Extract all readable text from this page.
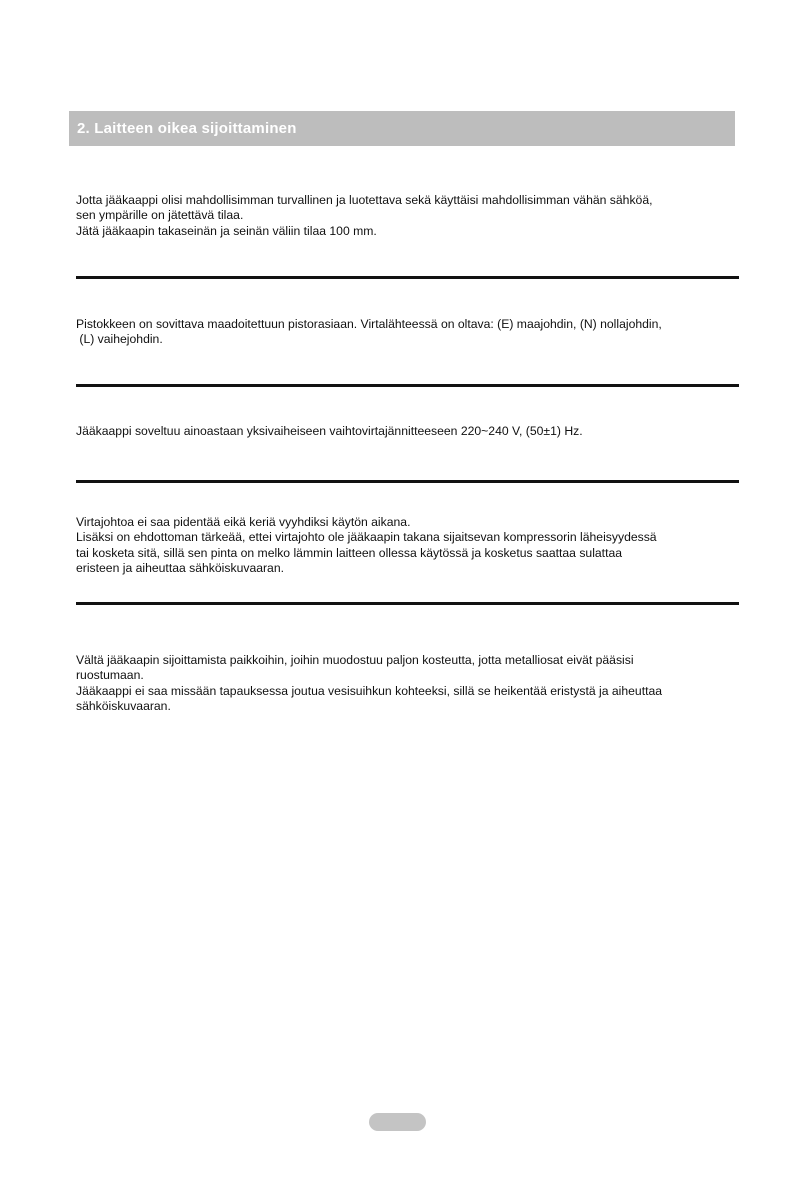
2. Laitteen oikea sijoittaminen
Jotta jääkaappi olisi mahdollisimman turvallinen ja luotettava sekä käyttäisi mahdollisimman vähän sähköä,
sen ympärille on jätettävä tilaa.
Jätä jääkaapin takaseinän ja seinän väliin tilaa 100 mm.
Pistokkeen on sovittava maadoitettuun pistorasiaan. Virtalähteessä on oltava: (E) maajohdin, (N) nollajohdin,
(L) vaihejohdin.
Jääkaappi soveltuu ainoastaan yksivaiheiseen vaihtovirtajännitteeseen 220~240 V, (50±1) Hz.
Virtajohtoa ei saa pidentää eikä keriä vyyhdiksi käytön aikana.
Lisäksi on ehdottoman tärkeää, ettei virtajohto ole jääkaapin takana sijaitsevan kompressorin läheisyydessä
tai kosketa sitä, sillä sen pinta on melko lämmin laitteen ollessa käytössä ja kosketus saattaa sulattaa
eristeen ja aiheuttaa sähköiskuvaaran.
Vältä jääkaapin sijoittamista paikkoihin, joihin muodostuu paljon kosteutta, jotta metalliosat eivät pääsisi
ruostumaan.
Jääkaappi ei saa missään tapauksessa joutua vesisuihkun kohteeksi, sillä se heikentää eristystä ja aiheuttaa
sähköiskuvaaran.
